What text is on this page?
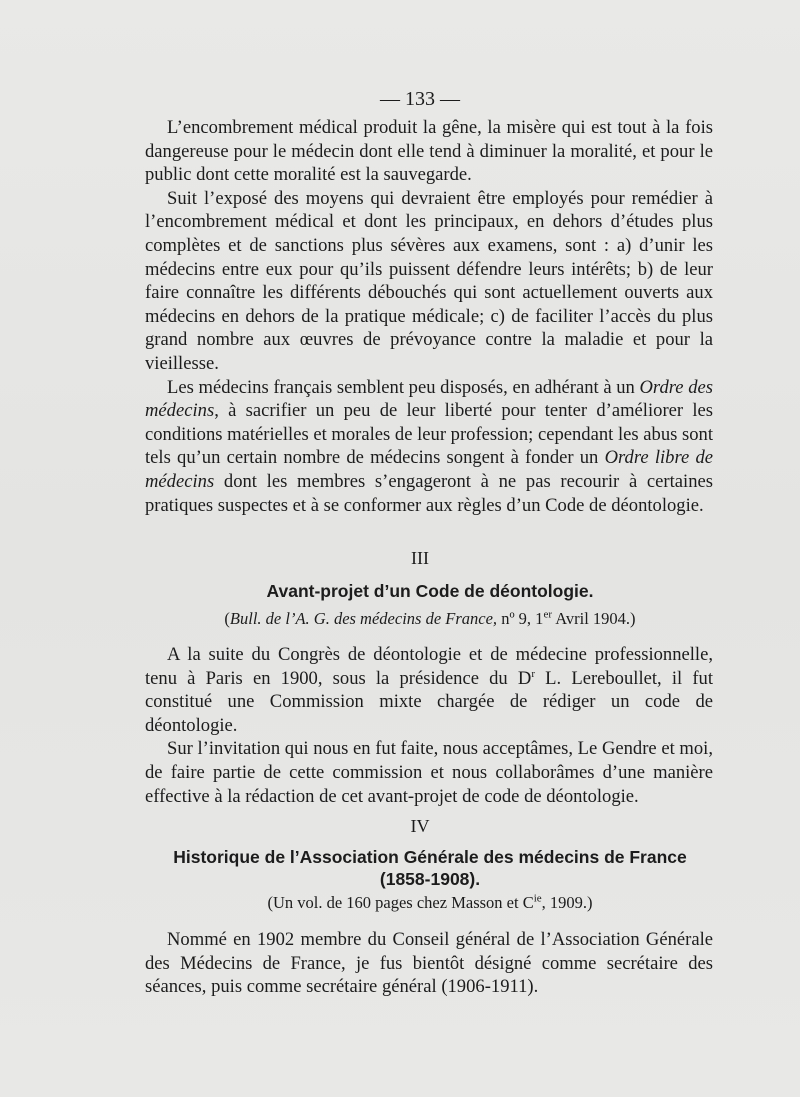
— 133 —

L’encombrement médical produit la gêne, la misère qui est tout à la fois dangereuse pour le médecin dont elle tend à diminuer la moralité, et pour le public dont cette moralité est la sauvegarde.

Suit l’exposé des moyens qui devraient être employés pour remédier à l’encombrement médical et dont les principaux, en dehors d’études plus complètes et de sanctions plus sévères aux examens, sont : a) d’unir les médecins entre eux pour qu’ils puissent défendre leurs intérêts; b) de leur faire connaître les différents débouchés qui sont actuellement ouverts aux médecins en dehors de la pratique médicale; c) de faciliter l’accès du plus grand nombre aux œuvres de prévoyance contre la maladie et pour la vieillesse.

Les médecins français semblent peu disposés, en adhérant à un Ordre des médecins, à sacrifier un peu de leur liberté pour tenter d’améliorer les conditions matérielles et morales de leur profession; cependant les abus sont tels qu’un certain nombre de médecins songent à fonder un Ordre libre de médecins dont les membres s’engageront à ne pas recourir à certaines pratiques suspectes et à se conformer aux règles d’un Code de déontologie.

III
Avant-projet d’un Code de déontologie.
(Bull. de l’A. G. des médecins de France, nº 9, 1er Avril 1904.)

A la suite du Congrès de déontologie et de médecine professionnelle, tenu à Paris en 1900, sous la présidence du $D^r$ L. Lereboullet, il fut constitué une Commission mixte chargée de rédiger un code de déontologie.

Sur l’invitation qui nous en fut faite, nous acceptâmes, Le Gendre et moi, de faire partie de cette commission et nous collaborâmes d’une manière effective à la rédaction de cet avant-projet de code de déontologie.

IV
Historique de l’Association Générale des médecins de France
(1858-1908).
(Un vol. de 160 pages chez Masson et $C^{ie}$, 1909.)

Nommé en 1902 membre du Conseil général de l’Association Générale des Médecins de France, je fus bientôt désigné comme secrétaire des séances, puis comme secrétaire général (1906-1911).
